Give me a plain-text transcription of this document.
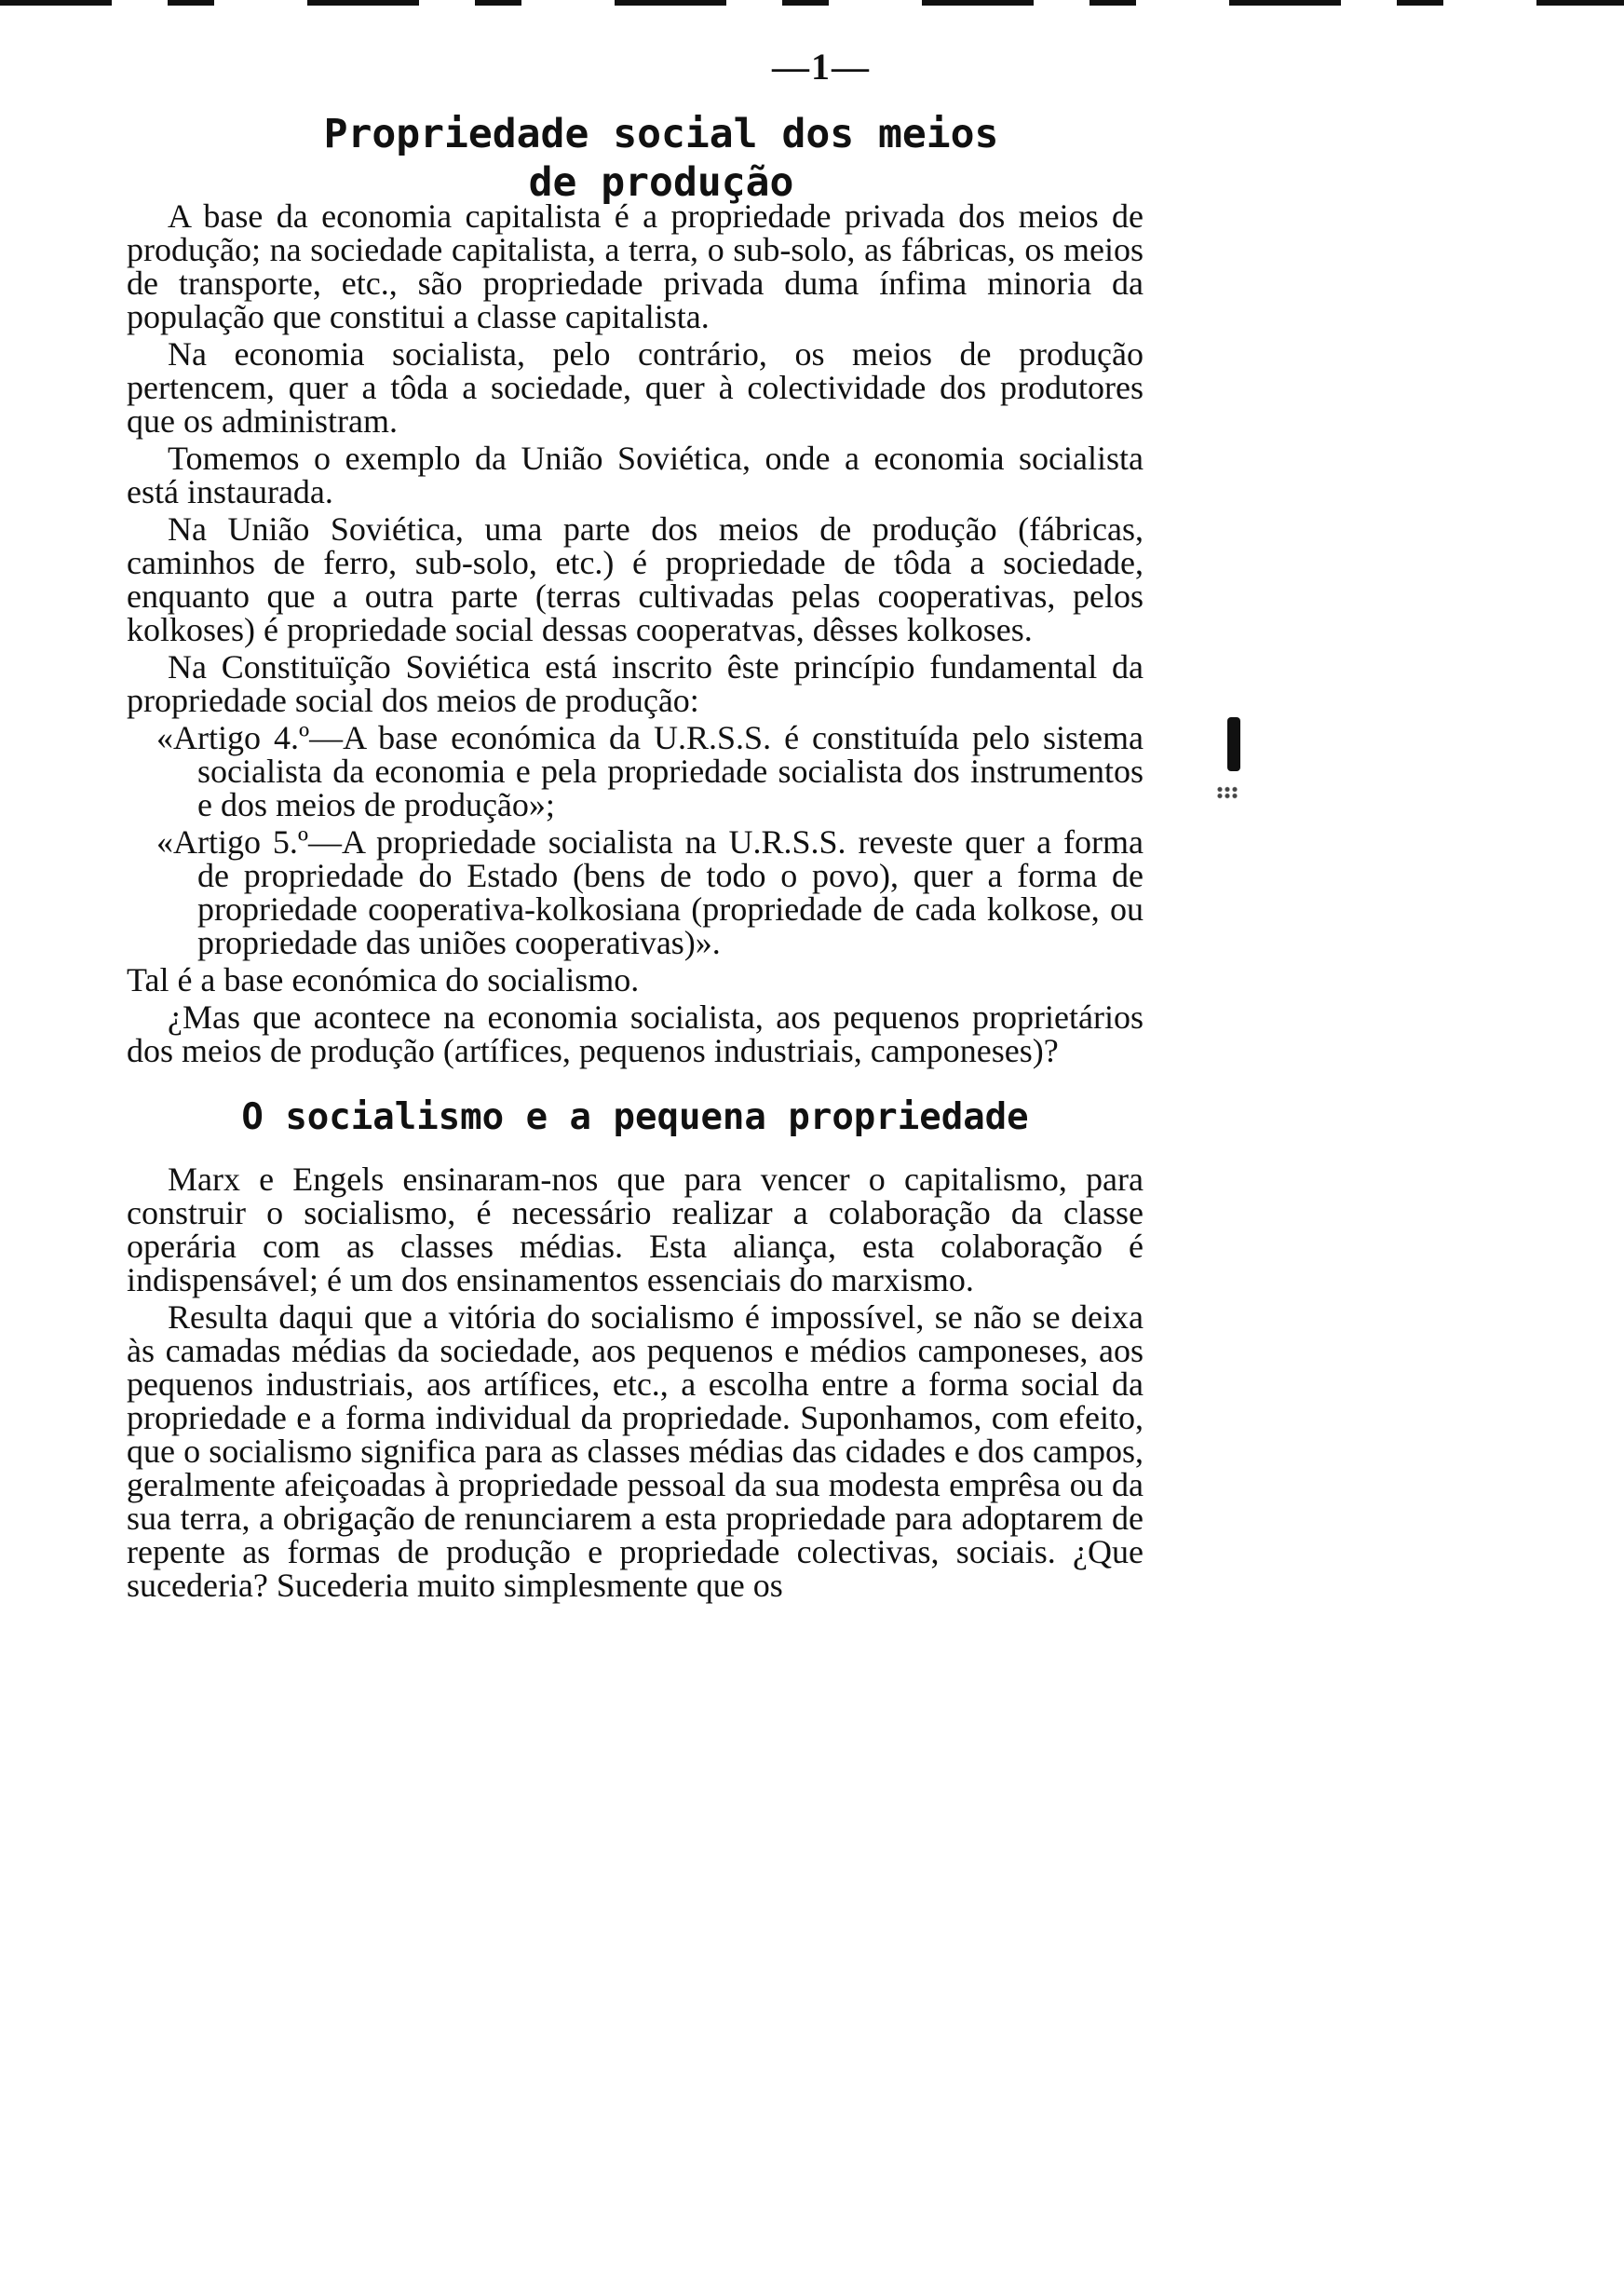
—1—
Propriedade social dos meios
de produção

A base da economia capitalista é a propriedade privada dos meios de produção; na sociedade capitalista, a terra, o sub-solo, as fábricas, os meios de transporte, etc., são propriedade privada duma ínfima minoria da população que constitui a classe capitalista.

Na economia socialista, pelo contrário, os meios de produção pertencem, quer a tôda a sociedade, quer à colectividade dos produtores que os administram.

Tomemos o exemplo da União Soviética, onde a economia socialista está instaurada.

Na União Soviética, uma parte dos meios de produção (fábricas, caminhos de ferro, sub-solo, etc.) é propriedade de tôda a sociedade, enquanto que a outra parte (terras cultivadas pelas cooperativas, pelos kolkoses) é propriedade social dessas cooperatvas, dêsses kolkoses.

Na Constituïção Soviética está inscrito êste princípio fundamental da propriedade social dos meios de produção:

«Artigo 4.º—A base económica da U.R.S.S. é constituída pelo sistema socialista da economia e pela propriedade socialista dos instrumentos e dos meios de produção»;

«Artigo 5.º—A propriedade socialista na U.R.S.S. reveste quer a forma de propriedade do Estado (bens de todo o povo), quer a forma de propriedade cooperativa-kolkosiana (propriedade de cada kolkose, ou propriedade das uniões cooperativas)».

Tal é a base económica do socialismo.

¿Mas que acontece na economia socialista, aos pequenos proprietários dos meios de produção (artífices, pequenos industriais, camponeses)?

O socialismo e a pequena propriedade

Marx e Engels ensinaram-nos que para vencer o capitalismo, para construir o socialismo, é necessário realizar a colaboração da classe operária com as classes médias. Esta aliança, esta colaboração é indispensável; é um dos ensinamentos essenciais do marxismo.

Resulta daqui que a vitória do socialismo é impossível, se não se deixa às camadas médias da sociedade, aos pequenos e médios camponeses, aos pequenos industriais, aos artífices, etc., a escolha entre a forma social da propriedade e a forma individual da propriedade. Suponhamos, com efeito, que o socialismo significa para as classes médias das cidades e dos campos, geralmente afeiçoadas à propriedade pessoal da sua modesta emprêsa ou da sua terra, a obrigação de renunciarem a esta propriedade para adoptarem de repente as formas de produção e propriedade colectivas, sociais. ¿Que sucederia? Sucederia muito simplesmente que os
